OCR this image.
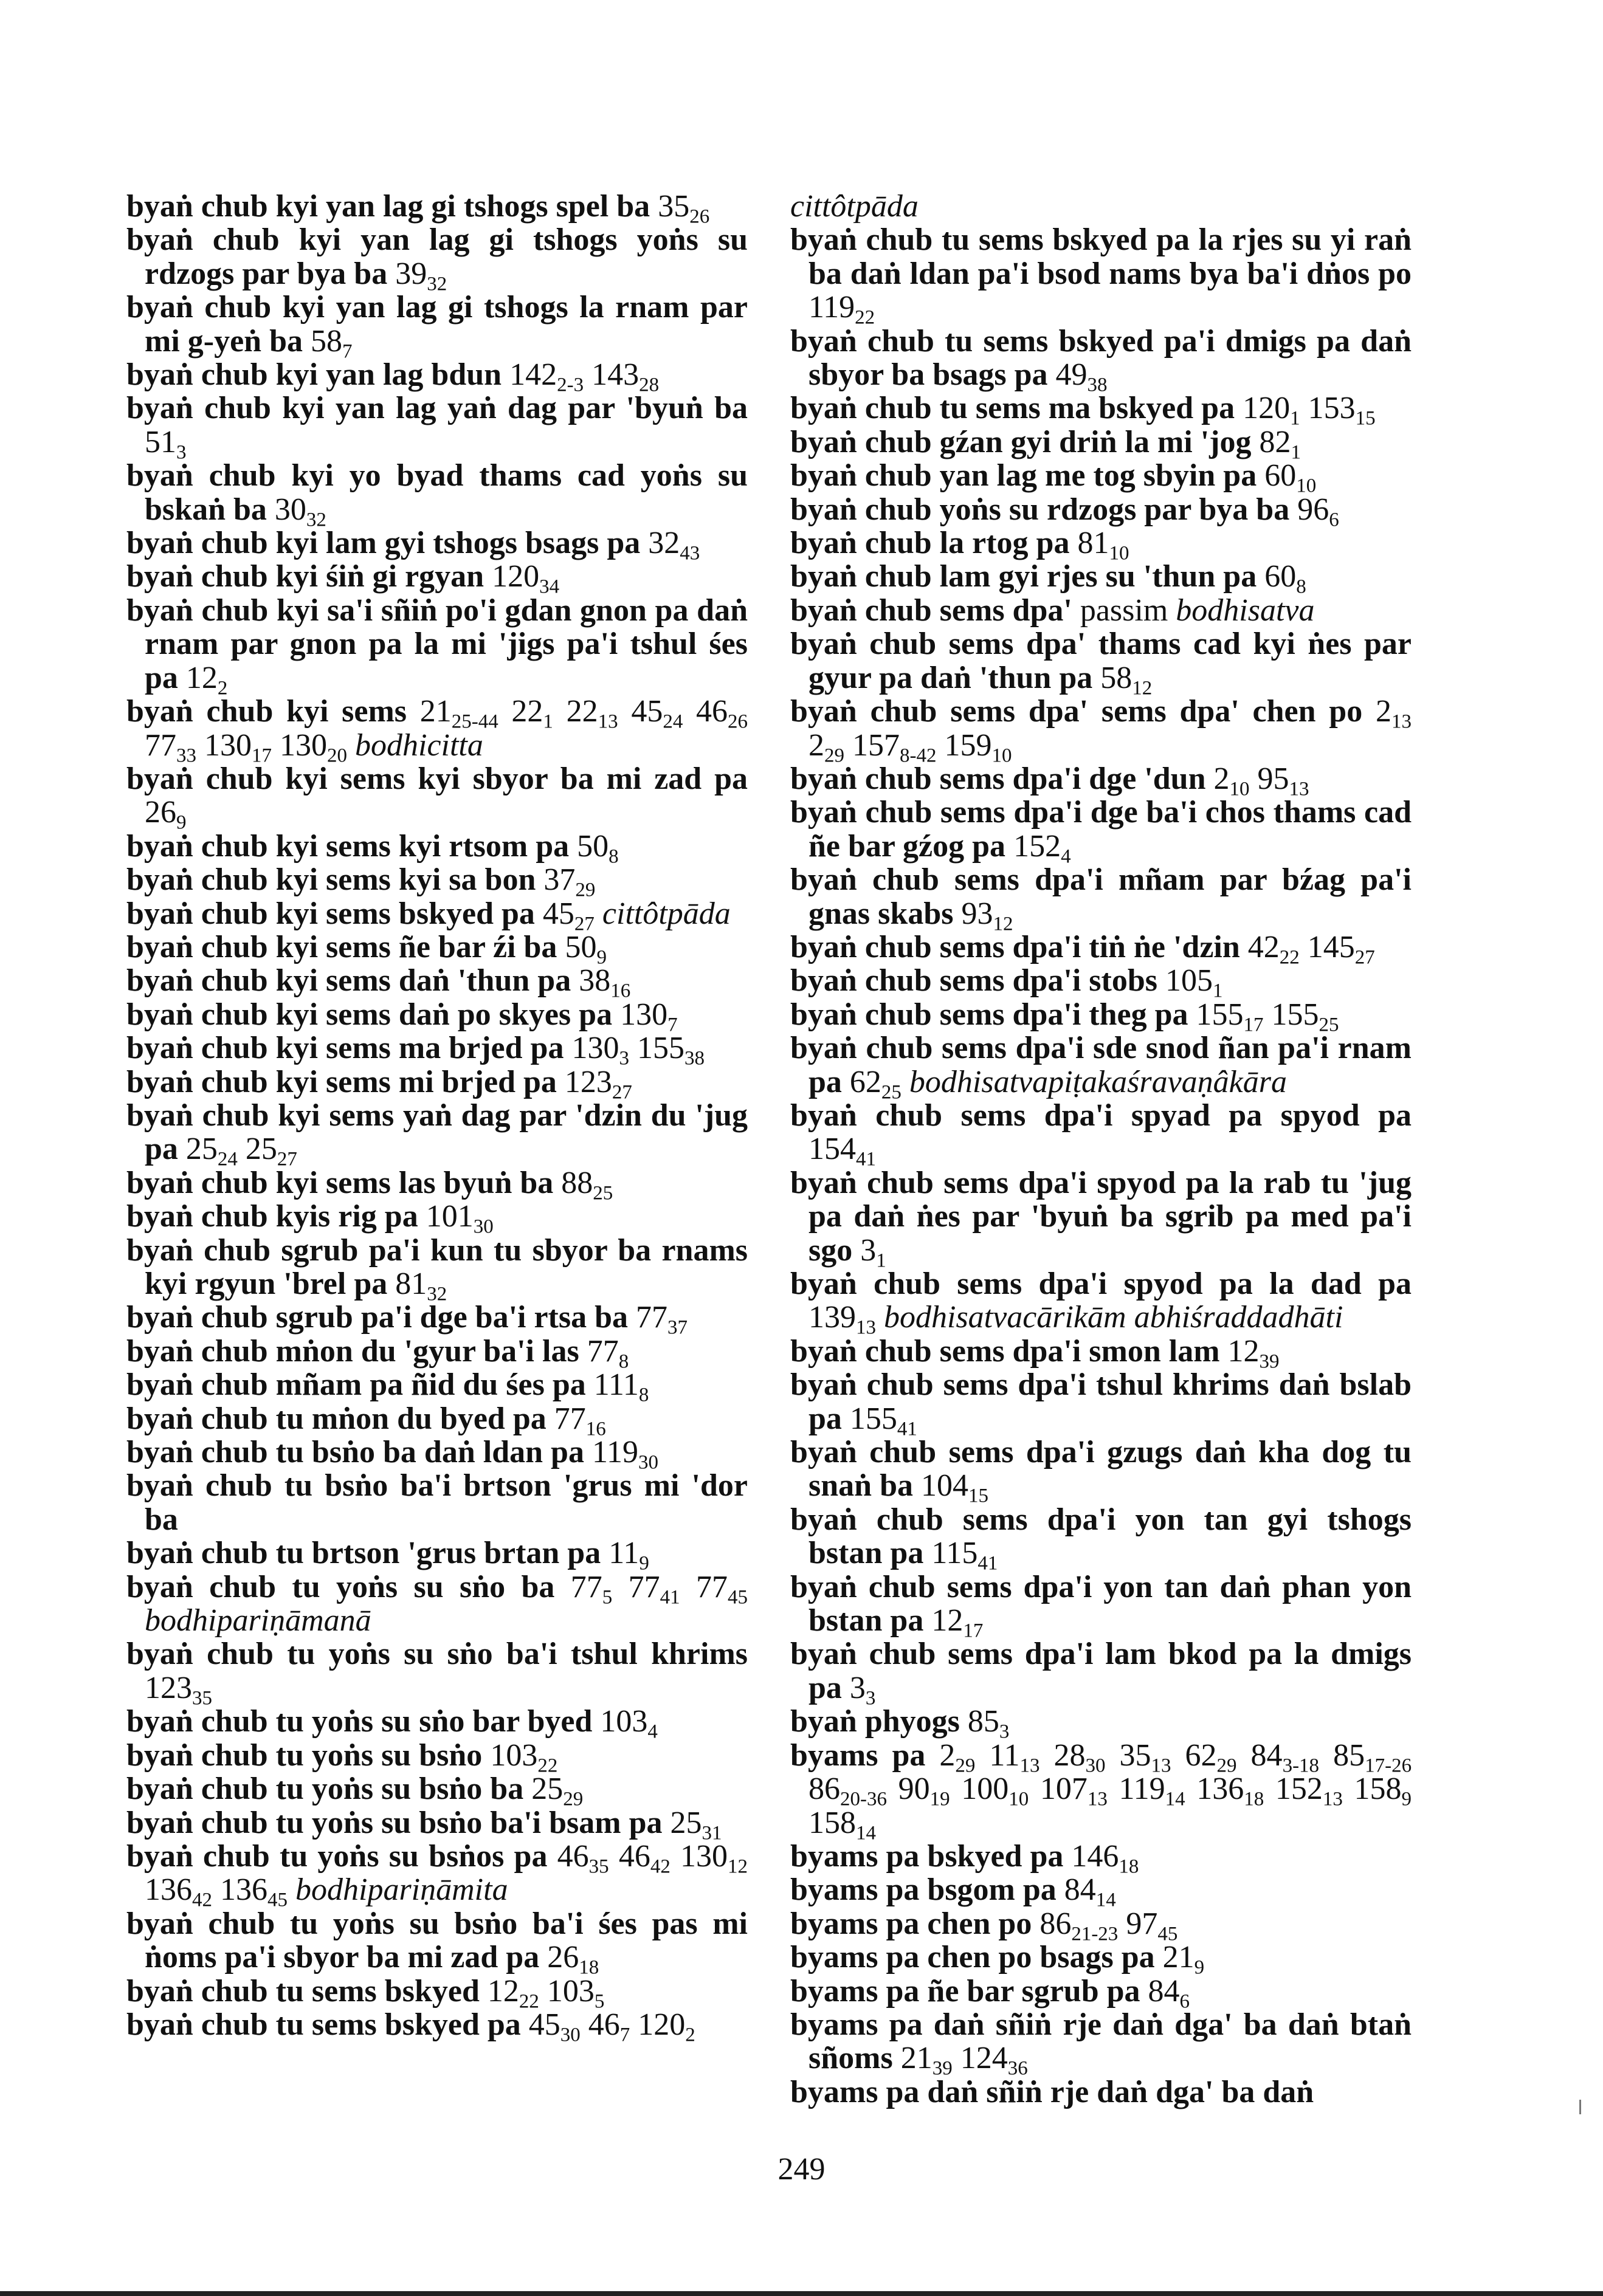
byaṅ chub kyi yan lag gi tshogs spel ba $35_{26}$

byaṅ chub kyi yan lag gi tshogs yoṅs su rdzogs par bya ba $39_{32}$

byaṅ chub kyi yan lag gi tshogs la rnam par mi g-yeṅ ba $58_7$

byaṅ chub kyi yan lag bdun $142_{2-3}$ $143_{28}$

byaṅ chub kyi yan lag yaṅ dag par 'byuṅ ba $51_3$

byaṅ chub kyi yo byad thams cad yoṅs su bskaṅ ba $30_{32}$

byaṅ chub kyi lam gyi tshogs bsags pa $32_{43}$

byaṅ chub kyi śiṅ gi rgyan $120_{34}$

byaṅ chub kyi sa'i sñiṅ po'i gdan gnon pa daṅ rnam par gnon pa la mi 'jigs pa'i tshul śes pa $12_2$

byaṅ chub kyi sems $21_{25-44}$ $22_1$ $22_{13}$ $45_{24}$ $46_{26}$ $77_{33}$ $130_{17}$ $130_{20}$ bodhicitta

byaṅ chub kyi sems kyi sbyor ba mi zad pa $26_9$

byaṅ chub kyi sems kyi rtsom pa $50_8$

byaṅ chub kyi sems kyi sa bon $37_{29}$

byaṅ chub kyi sems bskyed pa $45_{27}$ cittôtpāda

byaṅ chub kyi sems ñe bar źi ba $50_9$

byaṅ chub kyi sems daṅ 'thun pa $38_{16}$

byaṅ chub kyi sems daṅ po skyes pa $130_7$

byaṅ chub kyi sems ma brjed pa $130_3$ $155_{38}$

byaṅ chub kyi sems mi brjed pa $123_{27}$

byaṅ chub kyi sems yaṅ dag par 'dzin du 'jug pa $25_{24}$ $25_{27}$

byaṅ chub kyi sems las byuṅ ba $88_{25}$

byaṅ chub kyis rig pa $101_{30}$

byaṅ chub sgrub pa'i kun tu sbyor ba rnams kyi rgyun 'brel pa $81_{32}$

byaṅ chub sgrub pa'i dge ba'i rtsa ba $77_{37}$

byaṅ chub mṅon du 'gyur ba'i las $77_8$

byaṅ chub mñam pa ñid du śes pa $111_8$

byaṅ chub tu mṅon du byed pa $77_{16}$

byaṅ chub tu bsṅo ba daṅ ldan pa $119_{30}$

byaṅ chub tu bsṅo ba'i brtson 'grus mi 'dor ba

byaṅ chub tu brtson 'grus brtan pa $11_9$

byaṅ chub tu yoṅs su sṅo ba $77_5$ $77_{41}$ $77_{45}$ bodhipariṇāmanā

byaṅ chub tu yoṅs su sṅo ba'i tshul khrims $123_{35}$

byaṅ chub tu yoṅs su sṅo bar byed $103_4$

byaṅ chub tu yoṅs su bsṅo $103_{22}$

byaṅ chub tu yoṅs su bsṅo ba $25_{29}$

byaṅ chub tu yoṅs su bsṅo ba'i bsam pa $25_{31}$

byaṅ chub tu yoṅs su bsṅos pa $46_{35}$ $46_{42}$ $130_{12}$ $136_{42}$ $136_{45}$ bodhipariṇāmita

byaṅ chub tu yoṅs su bsṅo ba'i śes pas mi ṅoms pa'i sbyor ba mi zad pa $26_{18}$

byaṅ chub tu sems bskyed $12_{22}$ $103_5$

byaṅ chub tu sems bskyed pa $45_{30}$ $46_7$ $120_2$

cittôtpāda

byaṅ chub tu sems bskyed pa la rjes su yi raṅ ba daṅ ldan pa'i bsod nams bya ba'i dṅos po $119_{22}$

byaṅ chub tu sems bskyed pa'i dmigs pa daṅ sbyor ba bsags pa $49_{38}$

byaṅ chub tu sems ma bskyed pa $120_1$ $153_{15}$

byaṅ chub gźan gyi driṅ la mi 'jog $82_1$

byaṅ chub yan lag me tog sbyin pa $60_{10}$

byaṅ chub yoṅs su rdzogs par bya ba $96_6$

byaṅ chub la rtog pa $81_{10}$

byaṅ chub lam gyi rjes su 'thun pa $60_8$

byaṅ chub sems dpa' passim bodhisatva

byaṅ chub sems dpa' thams cad kyi ṅes par gyur pa daṅ 'thun pa $58_{12}$

byaṅ chub sems dpa' sems dpa' chen po $2_{13}$ $2_{29}$ $157_{8-42}$ $159_{10}$

byaṅ chub sems dpa'i dge 'dun $2_{10}$ $95_{13}$

byaṅ chub sems dpa'i dge ba'i chos thams cad ñe bar gźog pa $152_4$

byaṅ chub sems dpa'i mñam par bźag pa'i gnas skabs $93_{12}$

byaṅ chub sems dpa'i tiṅ ṅe 'dzin $42_{22}$ $145_{27}$

byaṅ chub sems dpa'i stobs $105_1$

byaṅ chub sems dpa'i theg pa $155_{17}$ $155_{25}$

byaṅ chub sems dpa'i sde snod ñan pa'i rnam pa $62_{25}$ bodhisatvapiṭakaśravaṇâkāra

byaṅ chub sems dpa'i spyad pa spyod pa $154_{41}$

byaṅ chub sems dpa'i spyod pa la rab tu 'jug pa daṅ ṅes par 'byuṅ ba sgrib pa med pa'i sgo $3_1$

byaṅ chub sems dpa'i spyod pa la dad pa $139_{13}$ bodhisatvacārikām abhiśraddadhāti

byaṅ chub sems dpa'i smon lam $12_{39}$

byaṅ chub sems dpa'i tshul khrims daṅ bslab pa $155_{41}$

byaṅ chub sems dpa'i gzugs daṅ kha dog tu snaṅ ba $104_{15}$

byaṅ chub sems dpa'i yon tan gyi tshogs bstan pa $115_{41}$

byaṅ chub sems dpa'i yon tan daṅ phan yon bstan pa $12_{17}$

byaṅ chub sems dpa'i lam bkod pa la dmigs pa $3_3$

byaṅ phyogs $85_3$

byams pa $2_{29}$ $11_{13}$ $28_{30}$ $35_{13}$ $62_{29}$ $84_{3-18}$ $85_{17-26}$ $86_{20-36}$ $90_{19}$ $100_{10}$ $107_{13}$ $119_{14}$ $136_{18}$ $152_{13}$ $158_9$ $158_{14}$

byams pa bskyed pa $146_{18}$

byams pa bsgom pa $84_{14}$

byams pa chen po $86_{21-23}$ $97_{45}$

byams pa chen po bsags pa $21_9$

byams pa ñe bar sgrub pa $84_6$

byams pa daṅ sñiṅ rje daṅ dga' ba daṅ btaṅ sñoms $21_{39}$ $124_{36}$

byams pa daṅ sñiṅ rje daṅ dga' ba daṅ

249
